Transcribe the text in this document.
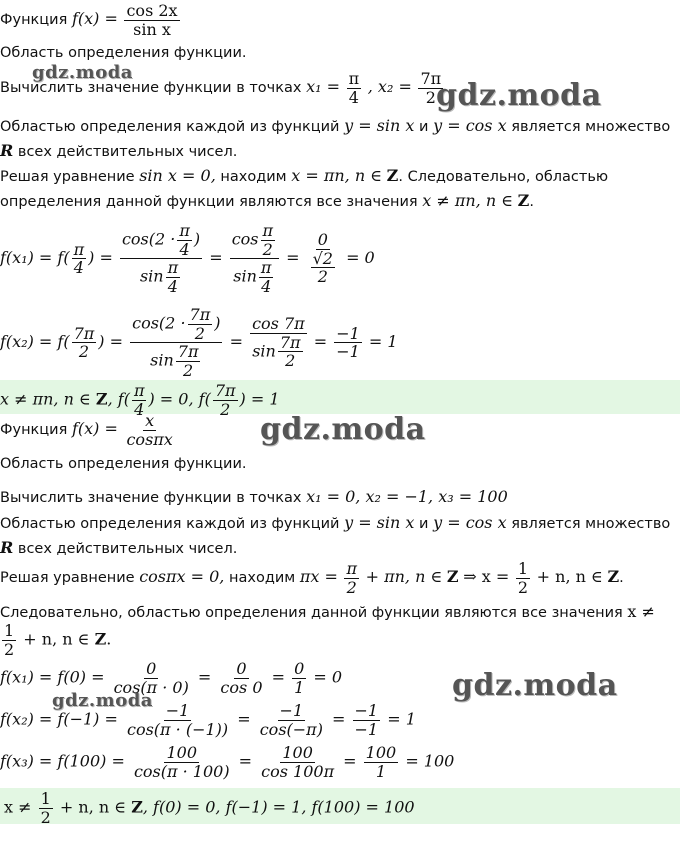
Функция $f(x) = \frac{\cos 2x}{\text{sin x}}$
Область определения функции.
Вычислить значение функции в точках $x_1 = \frac{\pi}{4}$ , $x_2 = \frac{7\pi}{2}$
Областью определения каждой из функций y = sin x и y = cos x является множество
R всех действительных чисел.
Решая уравнение sin x = 0, находим x = πn, n ∈ Z. Следовательно, областью
определения данной функции являются все значения x ≠ πn, n ∈ Z.
$f(x_1) = f( \frac{\pi}{4}$ ) = $\frac{\cos(2 \cdot \frac{\pi}{4} )}{\sin \frac{\pi}{4}} = \frac{\cos \frac{\pi}{2}}{\sin \frac{\pi}{4}} = \frac{0}{\frac{√2}{2}} = 0$
$f(x_2) = f( \frac{7\pi}{2}$ ) = $\frac{\cos(2 \cdot \frac{7\pi}{2} )}{\sin \frac{7\pi}{2}} = \frac{\cos 7\pi}{\sin \frac{7\pi}{2}} = \frac{-1}{-1} = 1$
x ≠ πn, n ∈ Z, $f( \frac{\pi}{4}$ ) = 0, $f( \frac{7\pi}{2}$ ) = 1
Функция $f(x) = \frac{x}{\cos\pi x}$
Область определения функции.
Вычислить значение функции в точках x₁ = 0, x₂ = −1, x₃ = 100
Областью определения каждой из функций y = sin x и y = cos x является множество
R всех действительных чисел.
Решая уравнение cosπx = 0, находим $\pi x = \frac{\pi}{2} + \pi n$, n ∈ Z ⇒ $x = \frac{1}{2} + n$, n ∈ Z.
Следовательно, областью определения данной функции являются все значения x ≠
$\frac{1}{2} + n$, n ∈ Z.
$f(x_1) = f(0) = \frac{0}{\cos(\pi \cdot 0)} = \frac{0}{\cos 0} = \frac{0}{1} = 0$
$f(x_2) = f(-1) = \frac{-1}{\cos(\pi \cdot (-1))} = \frac{-1}{\cos(-\pi)} = \frac{-1}{-1} = 1$
$f(x_3) = f(100) = \frac{100}{\cos(\pi \cdot 100)} = \frac{100}{\cos 100\pi} = \frac{100}{1} = 100$
$x \ne \frac{1}{2} + n$, n ∈ Z, f(0) = 0, f(−1) = 1, f(100) = 100
gdz.moda
gdz.moda
gdz.moda
gdz.moda
gdz.moda
